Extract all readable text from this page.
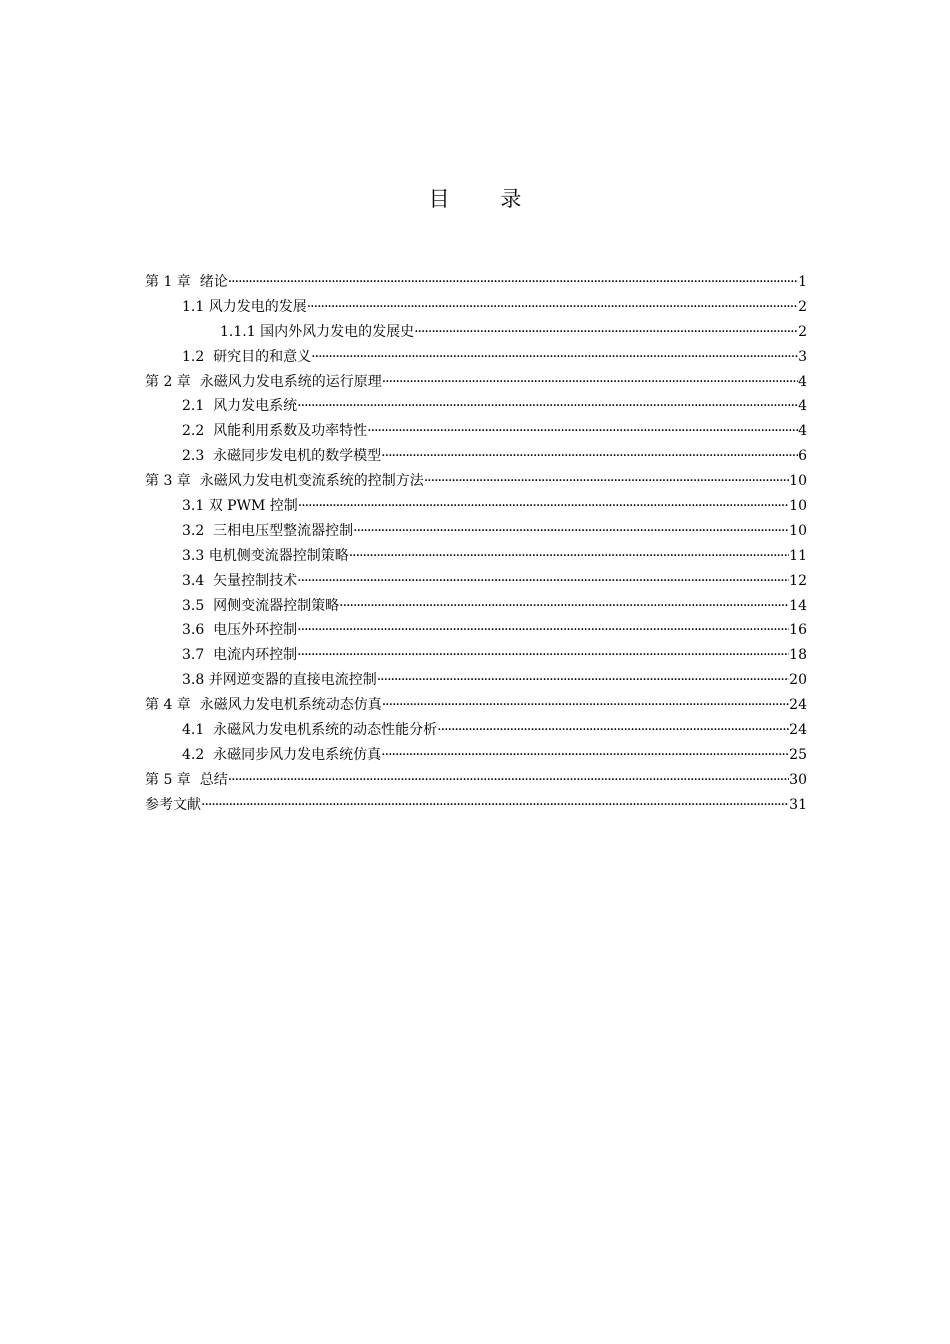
目 录
第 1 章  绪论 ·····	1
1.1 风力发电的发展 ·····	2
1.1.1 国内外风力发电的发展史 ·····	2
1.2  研究目的和意义 ·····	3
第 2 章  永磁风力发电系统的运行原理 ·····	4
2.1  风力发电系统 ·····	4
2.2  风能利用系数及功率特性 ·····	4
2.3  永磁同步发电机的数学模型 ·····	6
第 3 章  永磁风力发电机变流系统的控制方法 ·····	10
3.1 双 PWM 控制 ·····	10
3.2  三相电压型整流器控制 ·····	10
3.3 电机侧变流器控制策略 ·····	11
3.4  矢量控制技术 ·····	12
3.5  网侧变流器控制策略 ·····	14
3.6  电压外环控制 ·····	16
3.7  电流内环控制 ·····	18
3.8 并网逆变器的直接电流控制 ·····	20
第 4 章  永磁风力发电机系统动态仿真 ·····	24
4.1  永磁风力发电机系统的动态性能分析 ·····	24
4.2  永磁同步风力发电系统仿真 ·····	25
第 5 章  总结 ·····	30
参考文献 ·····	31
